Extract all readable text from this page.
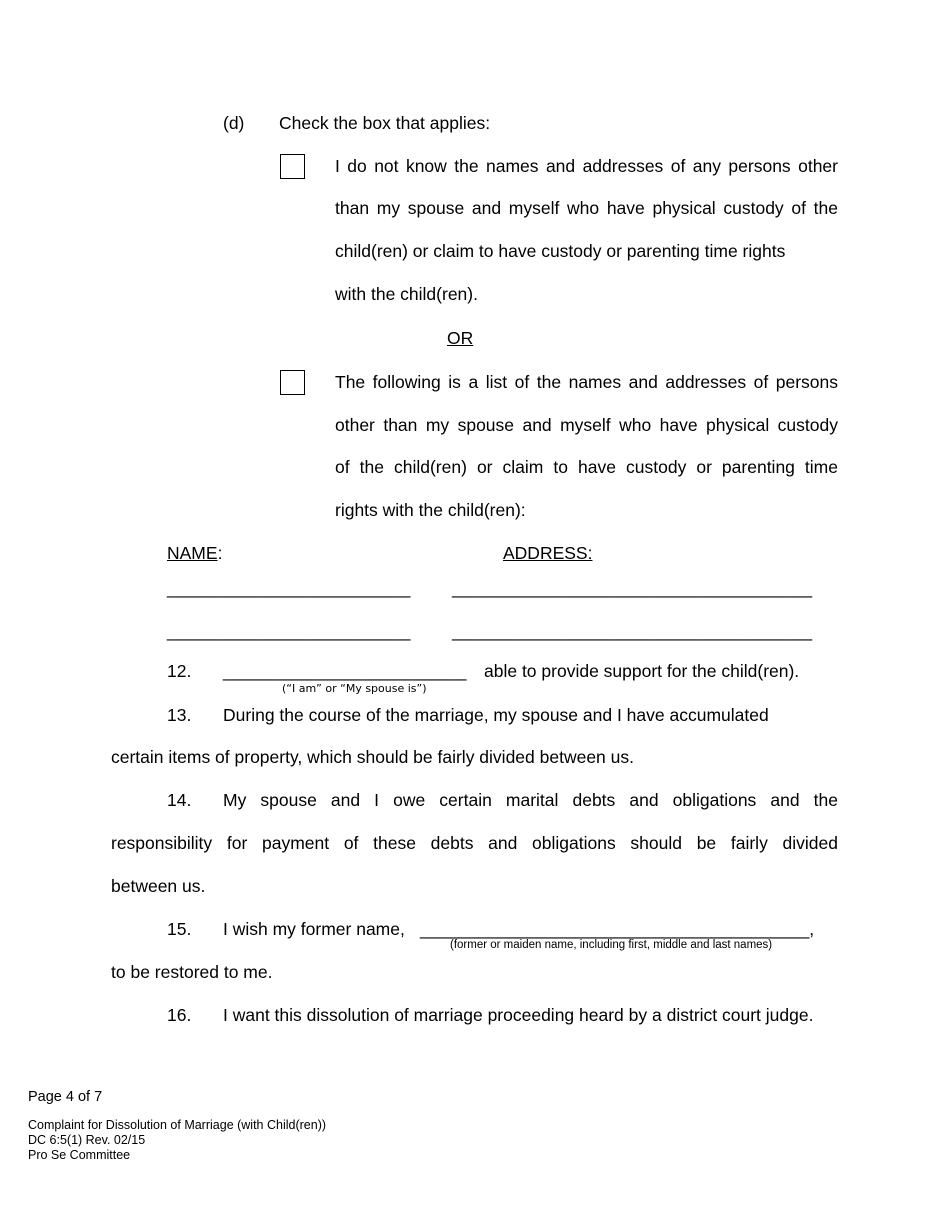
(d) Check the box that applies:
I do not know the names and addresses of any persons other
than my spouse and myself who have physical custody of the
child(ren) or claim to have custody or parenting time rights
with the child(ren).
OR
The following is a list of the names and addresses of persons
other than my spouse and myself who have physical custody
of the child(ren) or claim to have custody or parenting time
rights with the child(ren):
NAME:	ADDRESS:
_________________________ _____________________________________
_________________________ _____________________________________
12. _________________________ able to provide support for the child(ren).
(“I am” or “My spouse is”)
13. During the course of the marriage, my spouse and I have accumulated
certain items of property, which should be fairly divided between us.
14. My spouse and I owe certain marital debts and obligations and the
responsibility for payment of these debts and obligations should be fairly divided
between us.
15. I wish my former name, ________________________________________,
(former or maiden name, including first, middle and last names)
to be restored to me.
16. I want this dissolution of marriage proceeding heard by a district court judge.
Page 4 of 7
Complaint for Dissolution of Marriage (with Child(ren))
DC 6:5(1) Rev. 02/15
Pro Se Committee
